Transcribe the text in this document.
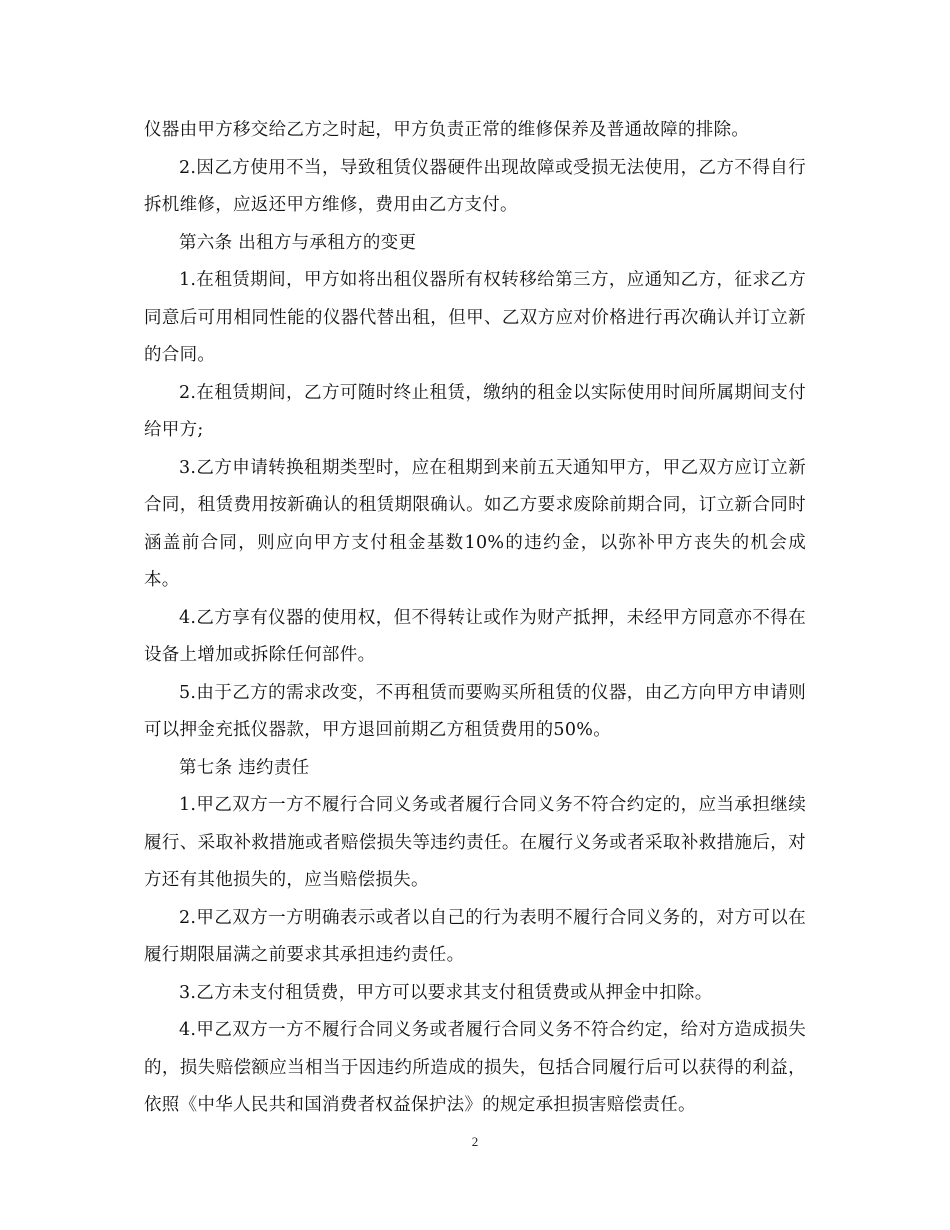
仪器由甲方移交给乙方之时起，甲方负责正常的维修保养及普通故障的排除。

2.因乙方使用不当，导致租赁仪器硬件出现故障或受损无法使用，乙方不得自行拆机维修，应返还甲方维修，费用由乙方支付。

第六条 出租方与承租方的变更

1.在租赁期间，甲方如将出租仪器所有权转移给第三方，应通知乙方，征求乙方同意后可用相同性能的仪器代替出租，但甲、乙双方应对价格进行再次确认并订立新的合同。

2.在租赁期间，乙方可随时终止租赁，缴纳的租金以实际使用时间所属期间支付给甲方;

3.乙方申请转换租期类型时，应在租期到来前五天通知甲方，甲乙双方应订立新合同，租赁费用按新确认的租赁期限确认。如乙方要求废除前期合同，订立新合同时涵盖前合同，则应向甲方支付租金基数10%的违约金，以弥补甲方丧失的机会成本。

4.乙方享有仪器的使用权，但不得转让或作为财产抵押，未经甲方同意亦不得在设备上增加或拆除任何部件。

5.由于乙方的需求改变，不再租赁而要购买所租赁的仪器，由乙方向甲方申请则可以押金充抵仪器款，甲方退回前期乙方租赁费用的50%。

第七条 违约责任

1.甲乙双方一方不履行合同义务或者履行合同义务不符合约定的，应当承担继续履行、采取补救措施或者赔偿损失等违约责任。在履行义务或者采取补救措施后，对方还有其他损失的，应当赔偿损失。

2.甲乙双方一方明确表示或者以自己的行为表明不履行合同义务的，对方可以在履行期限届满之前要求其承担违约责任。

3.乙方未支付租赁费，甲方可以要求其支付租赁费或从押金中扣除。

4.甲乙双方一方不履行合同义务或者履行合同义务不符合约定，给对方造成损失的，损失赔偿额应当相当于因违约所造成的损失，包括合同履行后可以获得的利益，依照《中华人民共和国消费者权益保护法》的规定承担损害赔偿责任。

2
